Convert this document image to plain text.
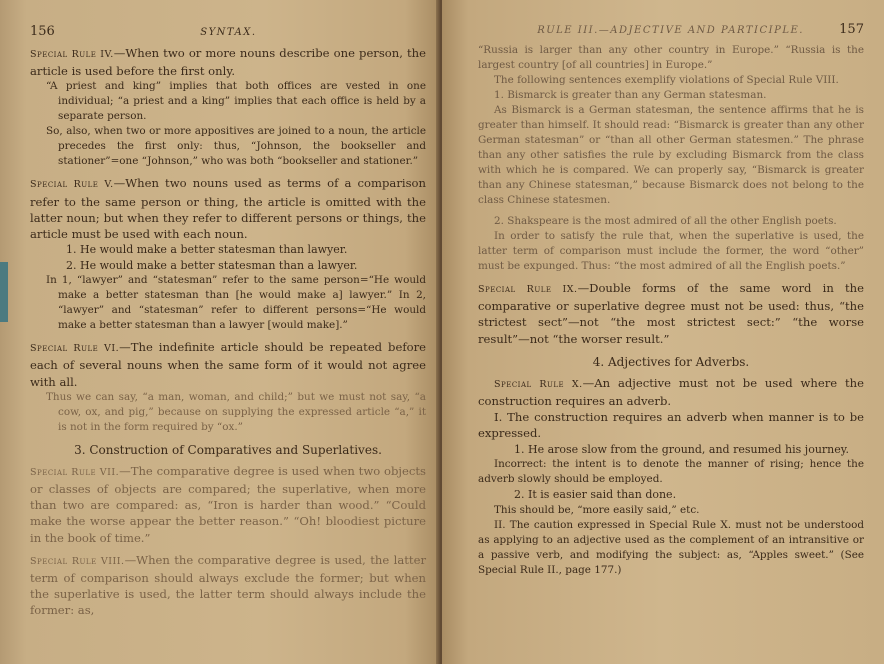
156	SYNTAX.

Special Rule IV.—When two or more nouns describe one person, the article is used before the first only.

“A priest and king” implies that both offices are vested in one individual; “a priest and a king” implies that each office is held by a separate person.

So, also, when two or more appositives are joined to a noun, the article precedes the first only: thus, “Johnson, the bookseller and stationer”=one “Johnson,” who was both “bookseller and stationer.”

Special Rule V.—When two nouns used as terms of a comparison refer to the same person or thing, the article is omitted with the latter noun; but when they refer to different persons or things, the article must be used with each noun.

1. He would make a better statesman than lawyer.

2. He would make a better statesman than a lawyer.

In 1, “lawyer” and “statesman” refer to the same person=“He would make a better statesman than [he would make a] lawyer.” In 2, “lawyer” and “statesman” refer to different persons=“He would make a better statesman than a lawyer [would make].”

Special Rule VI.—The indefinite article should be repeated before each of several nouns when the same form of it would not agree with all.

Thus we can say, “a man, woman, and child;” but we must not say, “a cow, ox, and pig,” because on supplying the expressed article “a,” it is not in the form required by “ox.”

3. Construction of Comparatives and Superlatives.

Special Rule VII.—The comparative degree is used when two objects or classes of objects are compared; the superlative, when more than two are compared: as, “Iron is harder than wood.” “Could make the worse appear the better reason.” “Oh! bloodiest picture in the book of time.”

Special Rule VIII.—When the comparative degree is used, the latter term of comparison should always exclude the former; but when the superlative is used, the latter term should always include the former: as,

RULE III.—ADJECTIVE AND PARTICIPLE.	157

“Russia is larger than any other country in Europe.” “Russia is the largest country [of all countries] in Europe.”

The following sentences exemplify violations of Special Rule VIII.

1. Bismarck is greater than any German statesman.

As Bismarck is a German statesman, the sentence affirms that he is greater than himself. It should read: “Bismarck is greater than any other German statesman” or “than all other German statesmen.” The phrase than any other satisfies the rule by excluding Bismarck from the class with which he is compared. We can properly say, “Bismarck is greater than any Chinese statesman,” because Bismarck does not belong to the class Chinese statesmen.

2. Shakspeare is the most admired of all the other English poets.

In order to satisfy the rule that, when the superlative is used, the latter term of comparison must include the former, the word “other” must be expunged. Thus: “the most admired of all the English poets.”

Special Rule IX.—Double forms of the same word in the comparative or superlative degree must not be used: thus, “the strictest sect”—not “the most strictest sect:” “the worse result”—not “the worser result.”

4. Adjectives for Adverbs.

Special Rule X.—An adjective must not be used where the construction requires an adverb.

I. The construction requires an adverb when manner is to be expressed.

1. He arose slow from the ground, and resumed his journey.

Incorrect: the intent is to denote the manner of rising; hence the adverb slowly should be employed.

2. It is easier said than done.

This should be, “more easily said,” etc.

II. The caution expressed in Special Rule X. must not be understood as applying to an adjective used as the complement of an intransitive or a passive verb, and modifying the subject: as, “Apples sweet.” (See Special Rule II., page 177.)
